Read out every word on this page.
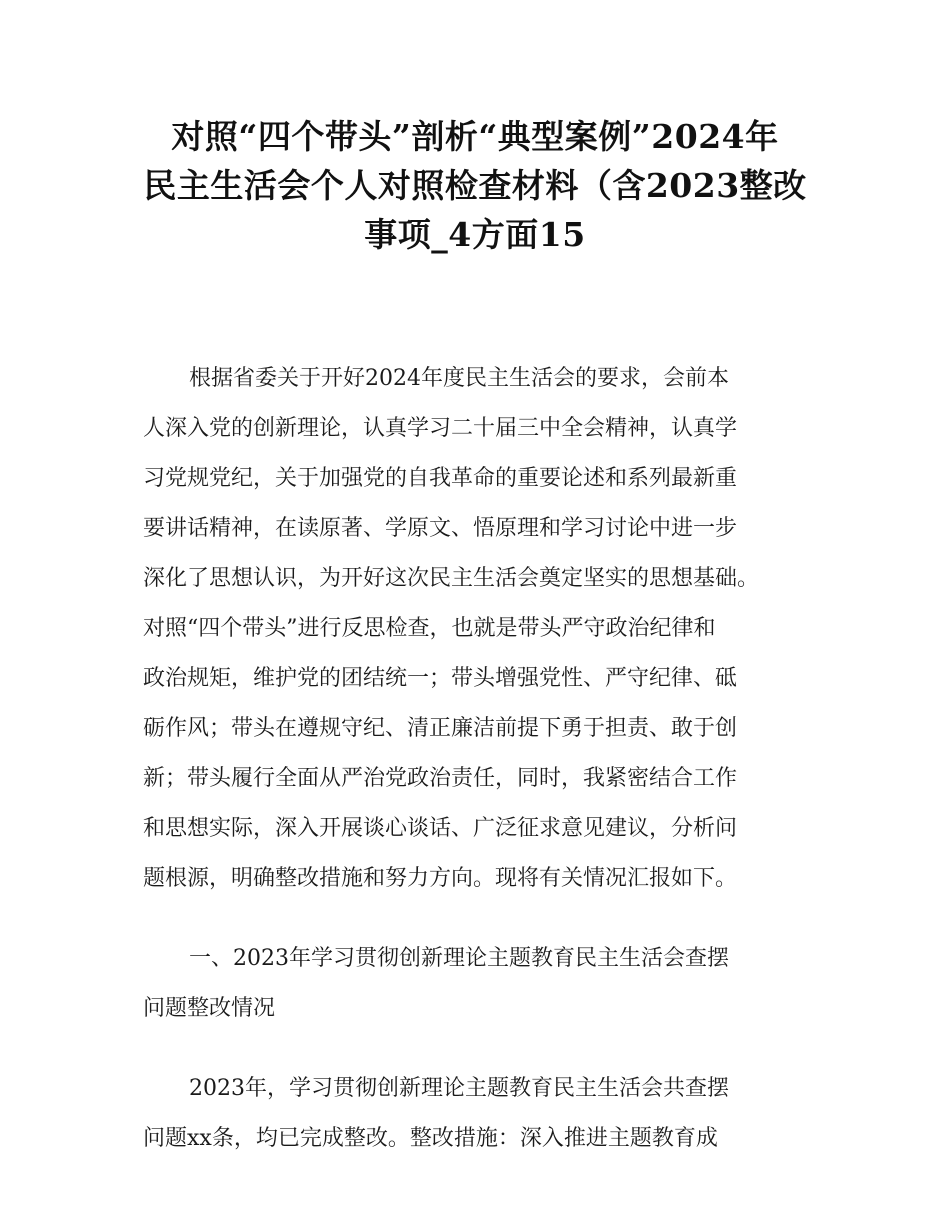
对照“四个带头”剖析“典型案例”2024年
民主生活会个人对照检查材料（含2023整改
事项_4方面15
根据省委关于开好2024年度民主生活会的要求，会前本
人深入党的创新理论，认真学习二十届三中全会精神，认真学
习党规党纪，关于加强党的自我革命的重要论述和系列最新重
要讲话精神，在读原著、学原文、悟原理和学习讨论中进一步
深化了思想认识，为开好这次民主生活会奠定坚实的思想基础。
对照“四个带头”进行反思检查，也就是带头严守政治纪律和
政治规矩，维护党的团结统一；带头增强党性、严守纪律、砥
砺作风；带头在遵规守纪、清正廉洁前提下勇于担责、敢于创
新；带头履行全面从严治党政治责任，同时，我紧密结合工作
和思想实际，深入开展谈心谈话、广泛征求意见建议，分析问
题根源，明确整改措施和努力方向。现将有关情况汇报如下。
一、2023年学习贯彻创新理论主题教育民主生活会查摆
问题整改情况
2023年，学习贯彻创新理论主题教育民主生活会共查摆
问题xx条，均已完成整改。整改措施：深入推进主题教育成
